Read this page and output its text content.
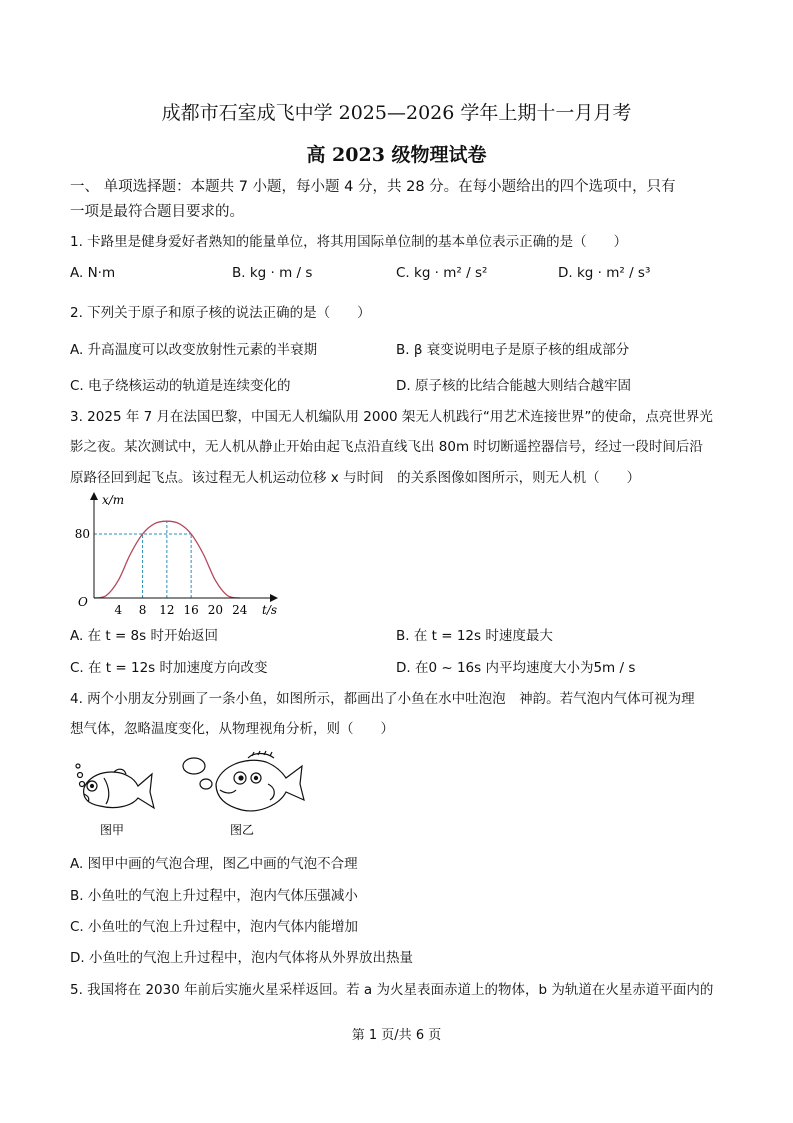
成都市石室成飞中学 2025—2026 学年上期十一月月考
高 2023 级物理试卷
一、 单项选择题：本题共 7 小题，每小题 4 分，共 28 分。在每小题给出的四个选项中，只有
一项是最符合题目要求的。
1. 卡路里是健身爱好者熟知的能量单位，将其用国际单位制的基本单位表示正确的是（　　）
A. N·m	B. kg · m / s	C. kg · m² / s²	D. kg · m² / s³
2. 下列关于原子和原子核的说法正确的是（　　）
A. 升高温度可以改变放射性元素的半衰期	B. β 衰变说明电子是原子核的组成部分
C. 电子绕核运动的轨道是连续变化的	D. 原子核的比结合能越大则结合越牢固
3. 2025 年 7 月在法国巴黎，中国无人机编队用 2000 架无人机践行“用艺术连接世界”的使命，点亮世界光
影之夜。某次测试中，无人机从静止开始由起飞点沿直线飞出 80m 时切断遥控器信号，经过一段时间后沿
原路径回到起飞点。该过程无人机运动位移 x 与时间　的关系图像如图所示，则无人机（　　）
x/m
t/s
O
4 8 12 16 20 24
80
A. 在 t = 8s 时开始返回	B. 在 t = 12s 时速度最大
C. 在 t = 12s 时加速度方向改变	D. 在0 ~ 16s 内平均速度大小为5m / s
4. 两个小朋友分别画了一条小鱼，如图所示，都画出了小鱼在水中吐泡泡　神韵。若气泡内气体可视为理
想气体，忽略温度变化，从物理视角分析，则（　　）
图甲	图乙
A. 图甲中画的气泡合理，图乙中画的气泡不合理
B. 小鱼吐的气泡上升过程中，泡内气体压强减小
C. 小鱼吐的气泡上升过程中，泡内气体内能增加
D. 小鱼吐的气泡上升过程中，泡内气体将从外界放出热量
5. 我国将在 2030 年前后实施火星采样返回。若 a 为火星表面赤道上的物体，b 为轨道在火星赤道平面内的
第 1 页/共 6 页
